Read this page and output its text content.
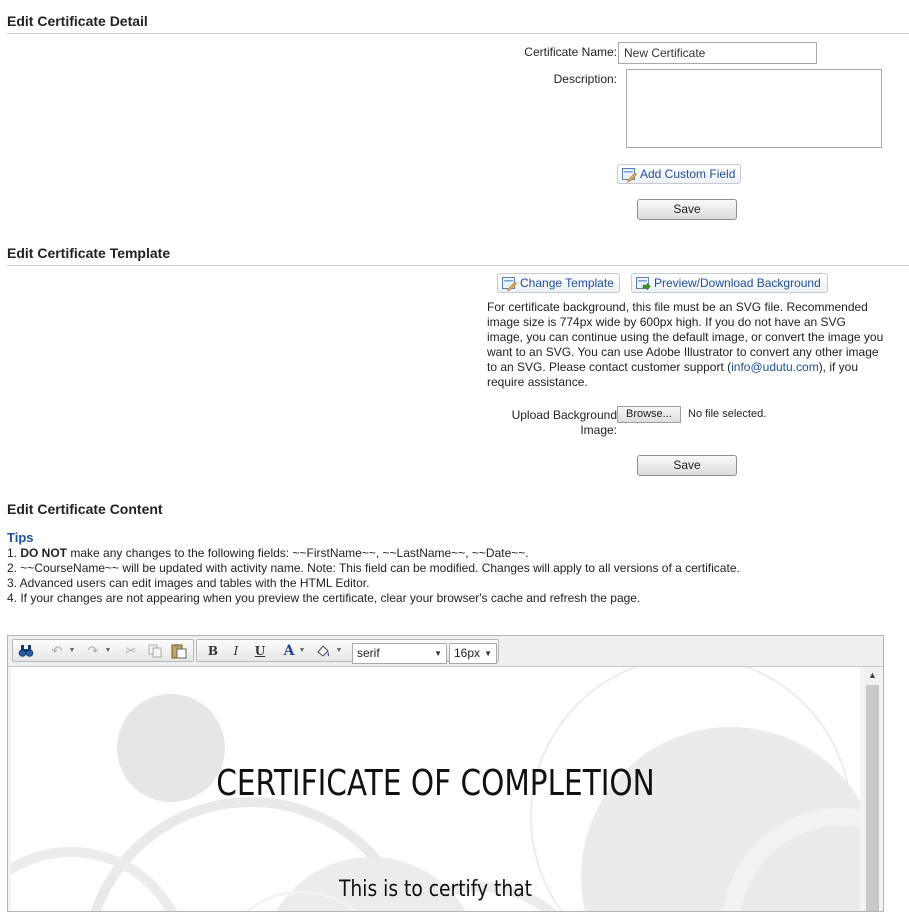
Edit Certificate Detail
Certificate Name:
New Certificate
Description:
Add Custom Field
Save
Edit Certificate Template
Change Template	Preview/Download Background
For certificate background, this file must be an SVG file. Recommended image size is 774px wide by 600px high. If you do not have an SVG image, you can continue using the default image, or convert the image you want to an SVG. You can use Adobe Illustrator to convert any other image to an SVG. Please contact customer support (info@udutu.com), if you require assistance.
Upload Background
Image:
Browse...	No file selected.
Save
Edit Certificate Content
Tips
1. DO NOT make any changes to the following fields: ~~FirstName~~, ~~LastName~~, ~~Date~~.
2. ~~CourseName~~ will be updated with activity name. Note: This field can be modified. Changes will apply to all versions of a certificate.
3. Advanced users can edit images and tables with the HTML Editor.
4. If your changes are not appearing when you preview the certificate, clear your browser's cache and refresh the page.
↶ ▼ ↷ ▼	✂	B	I	U	A ▼	▼	serif	▼	16px ▼
CERTIFICATE OF COMPLETION
This is to certify that
▲
